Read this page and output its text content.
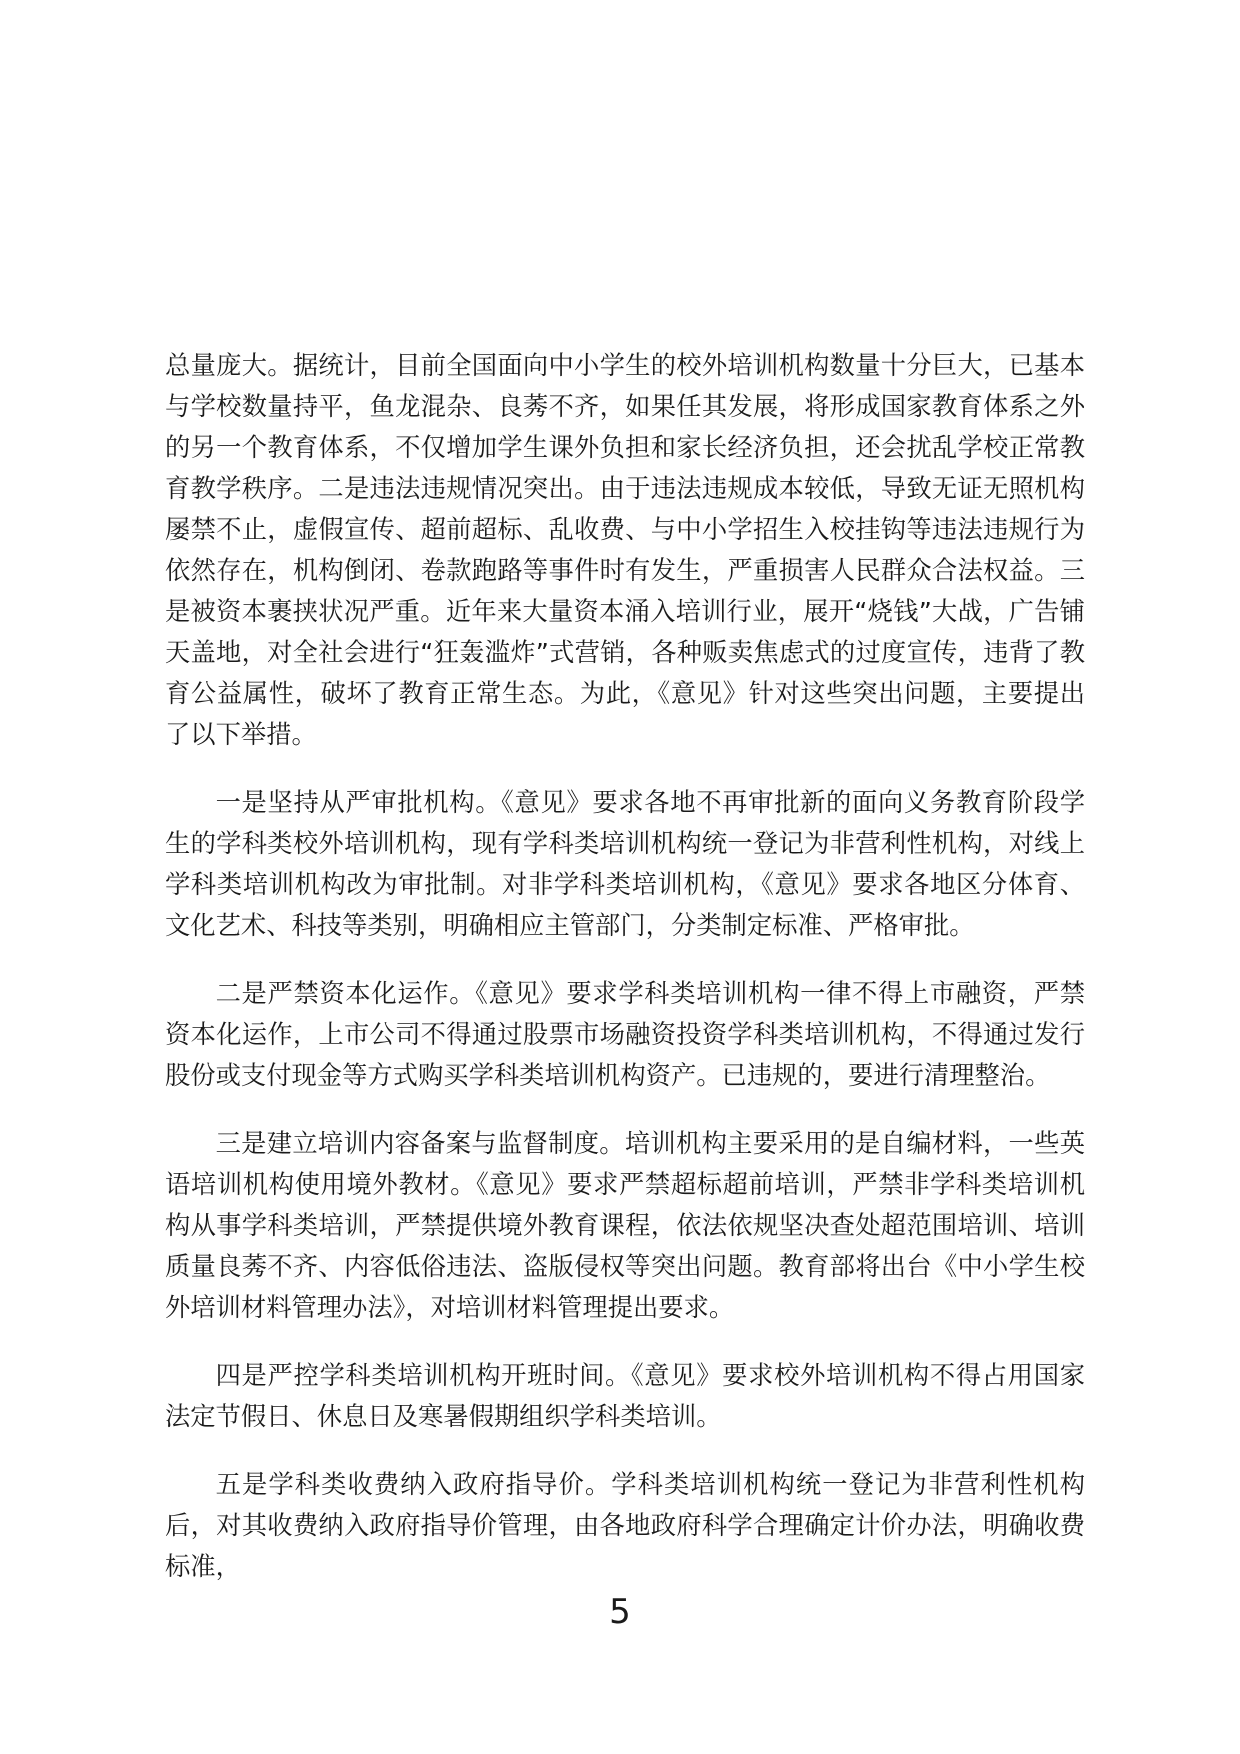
总量庞大。据统计，目前全国面向中小学生的校外培训机构数量十分巨大，已基本与学校数量持平，鱼龙混杂、良莠不齐，如果任其发展，将形成国家教育体系之外的另一个教育体系，不仅增加学生课外负担和家长经济负担，还会扰乱学校正常教育教学秩序。二是违法违规情况突出。由于违法违规成本较低，导致无证无照机构屡禁不止，虚假宣传、超前超标、乱收费、与中小学招生入校挂钩等违法违规行为依然存在，机构倒闭、卷款跑路等事件时有发生，严重损害人民群众合法权益。三是被资本裹挟状况严重。近年来大量资本涌入培训行业，展开“烧钱”大战，广告铺天盖地，对全社会进行“狂轰滥炸”式营销，各种贩卖焦虑式的过度宣传，违背了教育公益属性，破坏了教育正常生态。为此，《意见》针对这些突出问题，主要提出了以下举措。

一是坚持从严审批机构。《意见》要求各地不再审批新的面向义务教育阶段学生的学科类校外培训机构，现有学科类培训机构统一登记为非营利性机构，对线上学科类培训机构改为审批制。对非学科类培训机构，《意见》要求各地区分体育、文化艺术、科技等类别，明确相应主管部门，分类制定标准、严格审批。

二是严禁资本化运作。《意见》要求学科类培训机构一律不得上市融资，严禁资本化运作，上市公司不得通过股票市场融资投资学科类培训机构，不得通过发行股份或支付现金等方式购买学科类培训机构资产。已违规的，要进行清理整治。

三是建立培训内容备案与监督制度。培训机构主要采用的是自编材料，一些英语培训机构使用境外教材。《意见》要求严禁超标超前培训，严禁非学科类培训机构从事学科类培训，严禁提供境外教育课程，依法依规坚决查处超范围培训、培训质量良莠不齐、内容低俗违法、盗版侵权等突出问题。教育部将出台《中小学生校外培训材料管理办法》，对培训材料管理提出要求。

四是严控学科类培训机构开班时间。《意见》要求校外培训机构不得占用国家法定节假日、休息日及寒暑假期组织学科类培训。

五是学科类收费纳入政府指导价。学科类培训机构统一登记为非营利性机构后，对其收费纳入政府指导价管理，由各地政府科学合理确定计价办法，明确收费标准，

5
